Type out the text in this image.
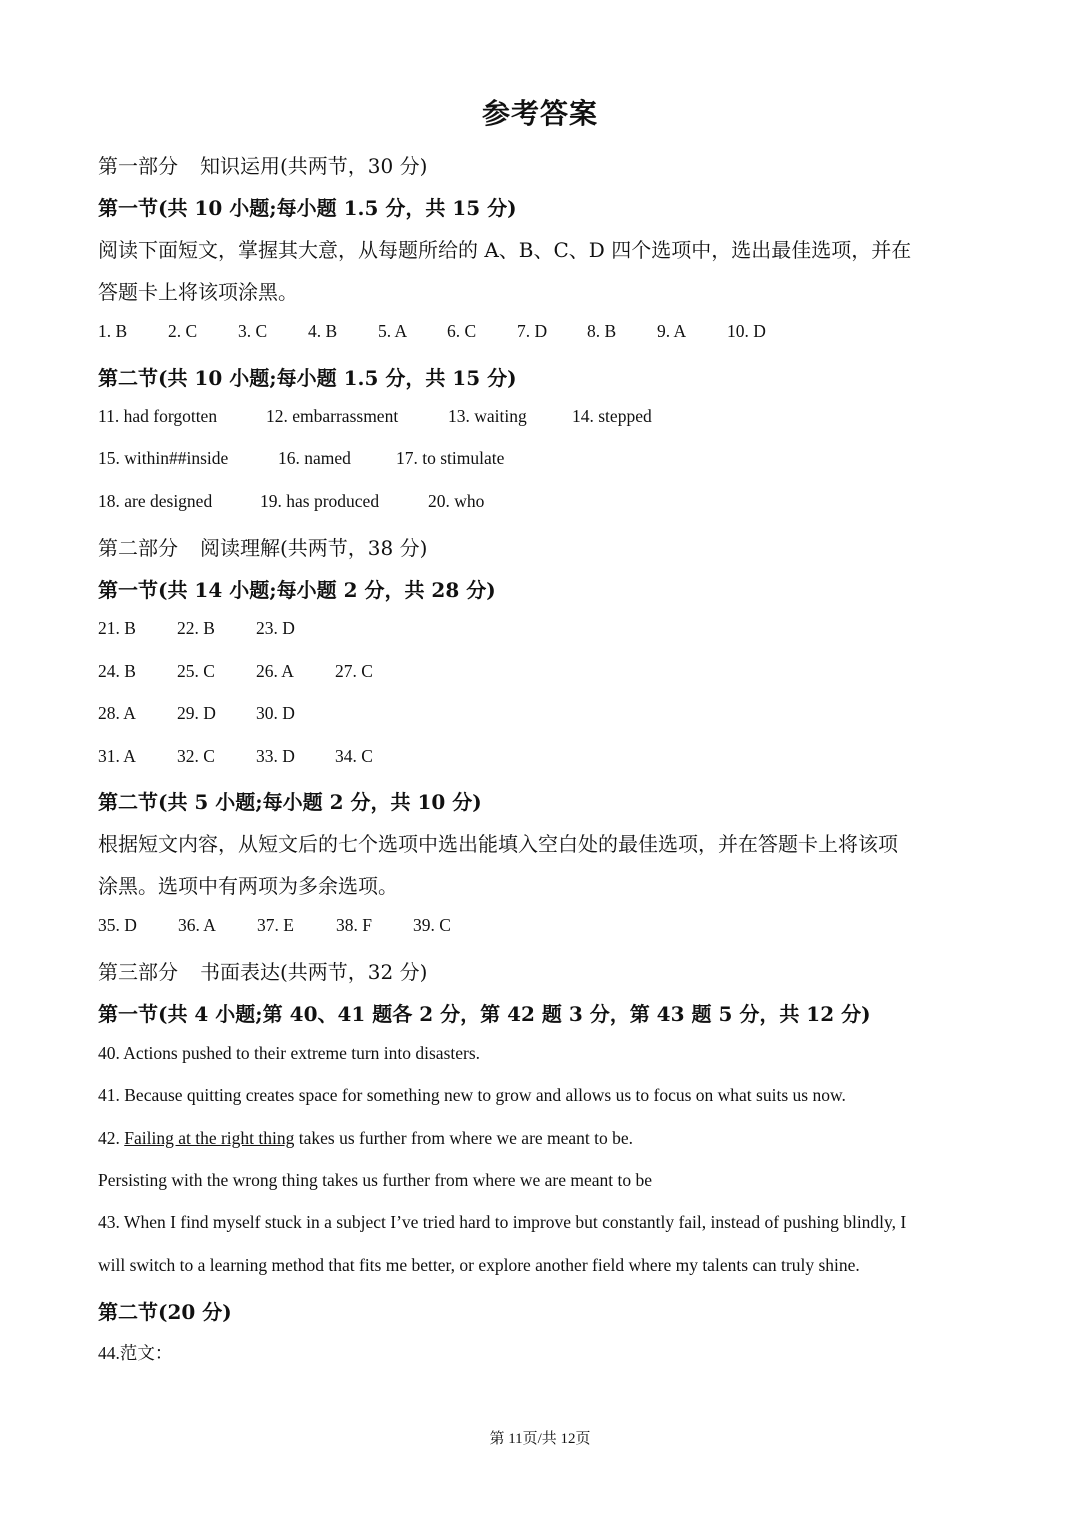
参考答案
第一部分 知识运用(共两节，30 分)
第一节(共 10 小题;每小题 1.5 分，共 15 分)
阅读下面短文，掌握其大意，从每题所给的 A、B、C、D 四个选项中，选出最佳选项，并在
答题卡上将该项涂黑。
1. B 2. C 3. C 4. B 5. A 6. C 7. D 8. B 9. A 10. D
第二节(共 10 小题;每小题 1.5 分，共 15 分)
11. had forgotten	12. embarrassment	13. waiting	14. stepped
15. within##inside	16. named	17. to stimulate
18. are designed	19. has produced	20. who
第二部分 阅读理解(共两节，38 分)
第一节(共 14 小题;每小题 2 分，共 28 分)
21. B 22. B 23. D
24. B 25. C 26. A 27. C
28. A 29. D 30. D
31. A 32. C 33. D 34. C
第二节(共 5 小题;每小题 2 分，共 10 分)
根据短文内容，从短文后的七个选项中选出能填入空白处的最佳选项，并在答题卡上将该项
涂黑。选项中有两项为多余选项。
35. D 36. A 37. E 38. F 39. C
第三部分 书面表达(共两节，32 分)
第一节(共 4 小题;第 40、41 题各 2 分，第 42 题 3 分，第 43 题 5 分，共 12 分)
40. Actions pushed to their extreme turn into disasters.
41. Because quitting creates space for something new to grow and allows us to focus on what suits us now.
42. Failing at the right thing takes us further from where we are meant to be.
Persisting with the wrong thing takes us further from where we are meant to be
43. When I find myself stuck in a subject I’ve tried hard to improve but constantly fail, instead of pushing blindly, I
will switch to a learning method that fits me better, or explore another field where my talents can truly shine.
第二节(20 分)
44.范文：
第 11页/共 12页
